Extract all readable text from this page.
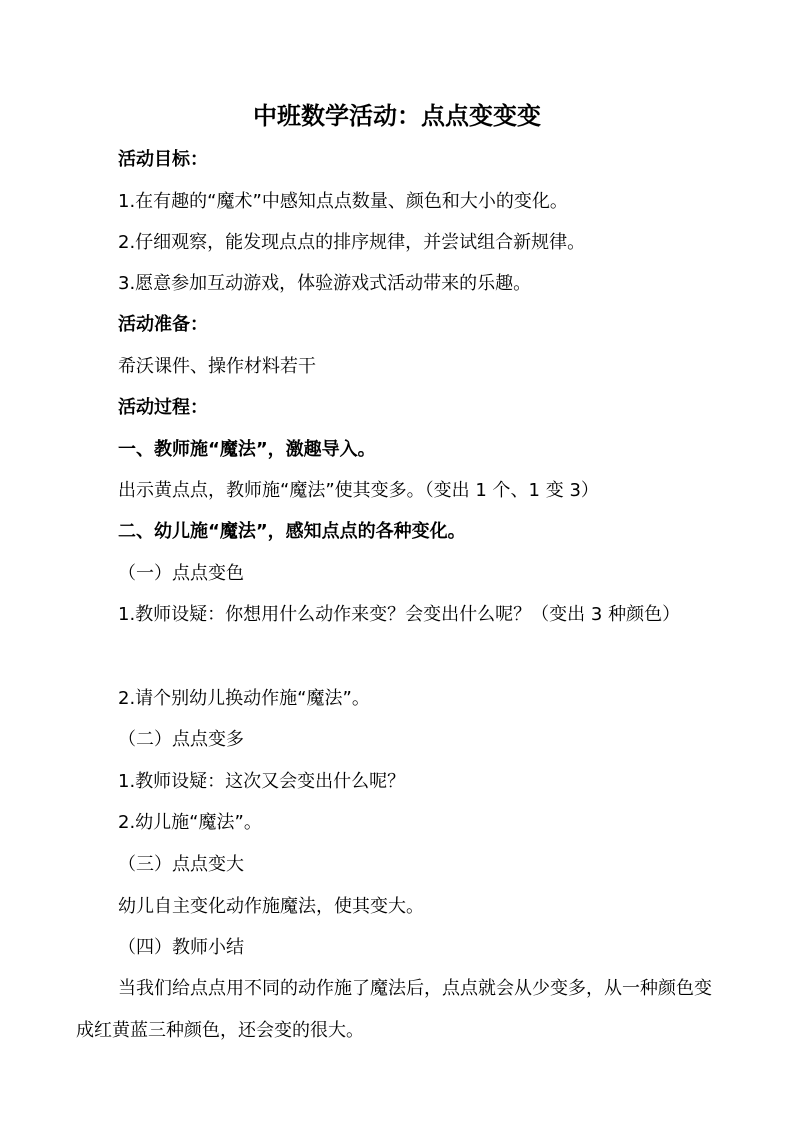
中班数学活动：点点变变变

活动目标：

1.在有趣的“魔术”中感知点点数量、颜色和大小的变化。

2.仔细观察，能发现点点的排序规律，并尝试组合新规律。

3.愿意参加互动游戏，体验游戏式活动带来的乐趣。

活动准备：

希沃课件、操作材料若干

活动过程：

一、教师施“魔法”，激趣导入。

出示黄点点，教师施“魔法”使其变多。（变出 1 个、1 变 3）

二、幼儿施“魔法”，感知点点的各种变化。

（一）点点变色

1.教师设疑：你想用什么动作来变？会变出什么呢？（变出 3 种颜色）

2.请个别幼儿换动作施“魔法”。

（二）点点变多

1.教师设疑：这次又会变出什么呢？

2.幼儿施“魔法”。

（三）点点变大

幼儿自主变化动作施魔法，使其变大。

（四）教师小结

当我们给点点用不同的动作施了魔法后，点点就会从少变多，从一种颜色变成红黄蓝三种颜色，还会变的很大。
